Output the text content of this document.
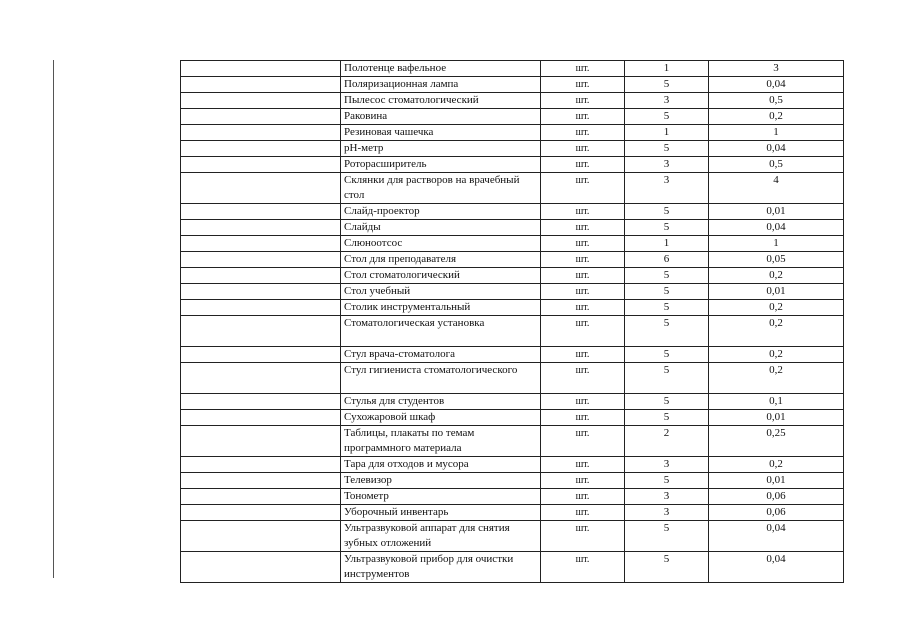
	Полотенце вафельное	шт.	1	3
	Поляризационная лампа	шт.	5	0,04
	Пылесос стоматологический	шт.	3	0,5
	Раковина	шт.	5	0,2
	Резиновая чашечка	шт.	1	1
	pH-метр	шт.	5	0,04
	Роторасширитель	шт.	3	0,5
	Склянки для растворов на врачебный стол	шт.	3	4
	Слайд-проектор	шт.	5	0,01
	Слайды	шт.	5	0,04
	Слюноотсос	шт.	1	1
	Стол для преподавателя	шт.	6	0,05
	Стол стоматологический	шт.	5	0,2
	Стол учебный	шт.	5	0,01
	Столик инструментальный	шт.	5	0,2
	Стоматологическая установка	шт.	5	0,2
	Стул врача-стоматолога	шт.	5	0,2
	Стул гигиениста стоматологического	шт.	5	0,2
	Стулья для студентов	шт.	5	0,1
	Сухожаровой шкаф	шт.	5	0,01
	Таблицы, плакаты по темам программного материала	шт.	2	0,25
	Тара для отходов и мусора	шт.	3	0,2
	Телевизор	шт.	5	0,01
	Тонометр	шт.	3	0,06
	Уборочный инвентарь	шт.	3	0,06
	Ультразвуковой аппарат для снятия зубных отложений	шт.	5	0,04
	Ультразвуковой прибор для очистки инструментов	шт.	5	0,04
